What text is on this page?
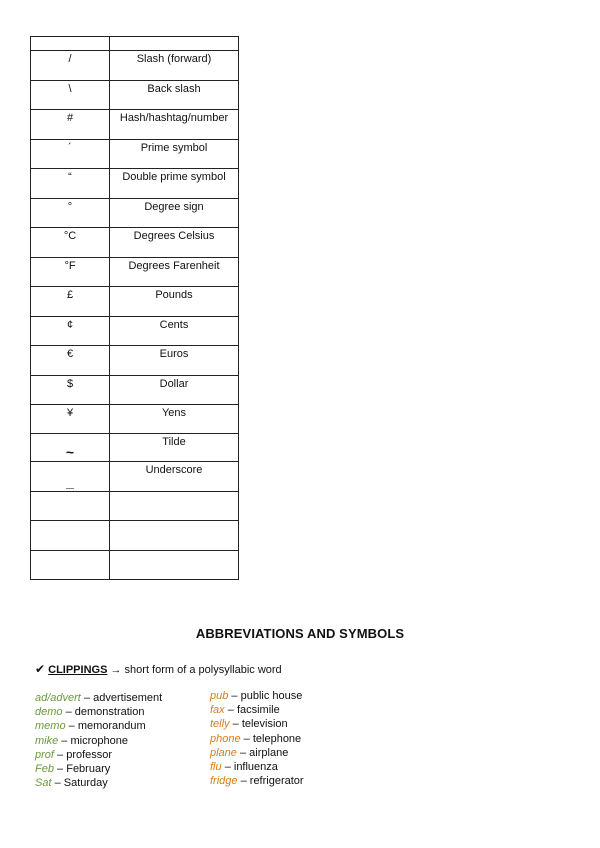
/	Slash (forward)
\	Back slash
#	Hash/hashtag/number
´	Prime symbol
“	Double prime symbol
°	Degree sign
°C	Degrees Celsius
°F	Degrees Farenheit
£	Pounds
¢	Cents
€	Euros
$	Dollar
¥	Yens
~	Tilde
_	Underscore

ABBREVIATIONS AND SYMBOLS
✔ CLIPPINGS → short form of a polysyllabic word
ad/advert – advertisement
demo – demonstration
memo – memorandum
mike – microphone
prof – professor
Feb – February
Sat – Saturday
pub – public house
fax – facsimile
telly – television
phone – telephone
plane – airplane
flu – influenza
fridge – refrigerator
